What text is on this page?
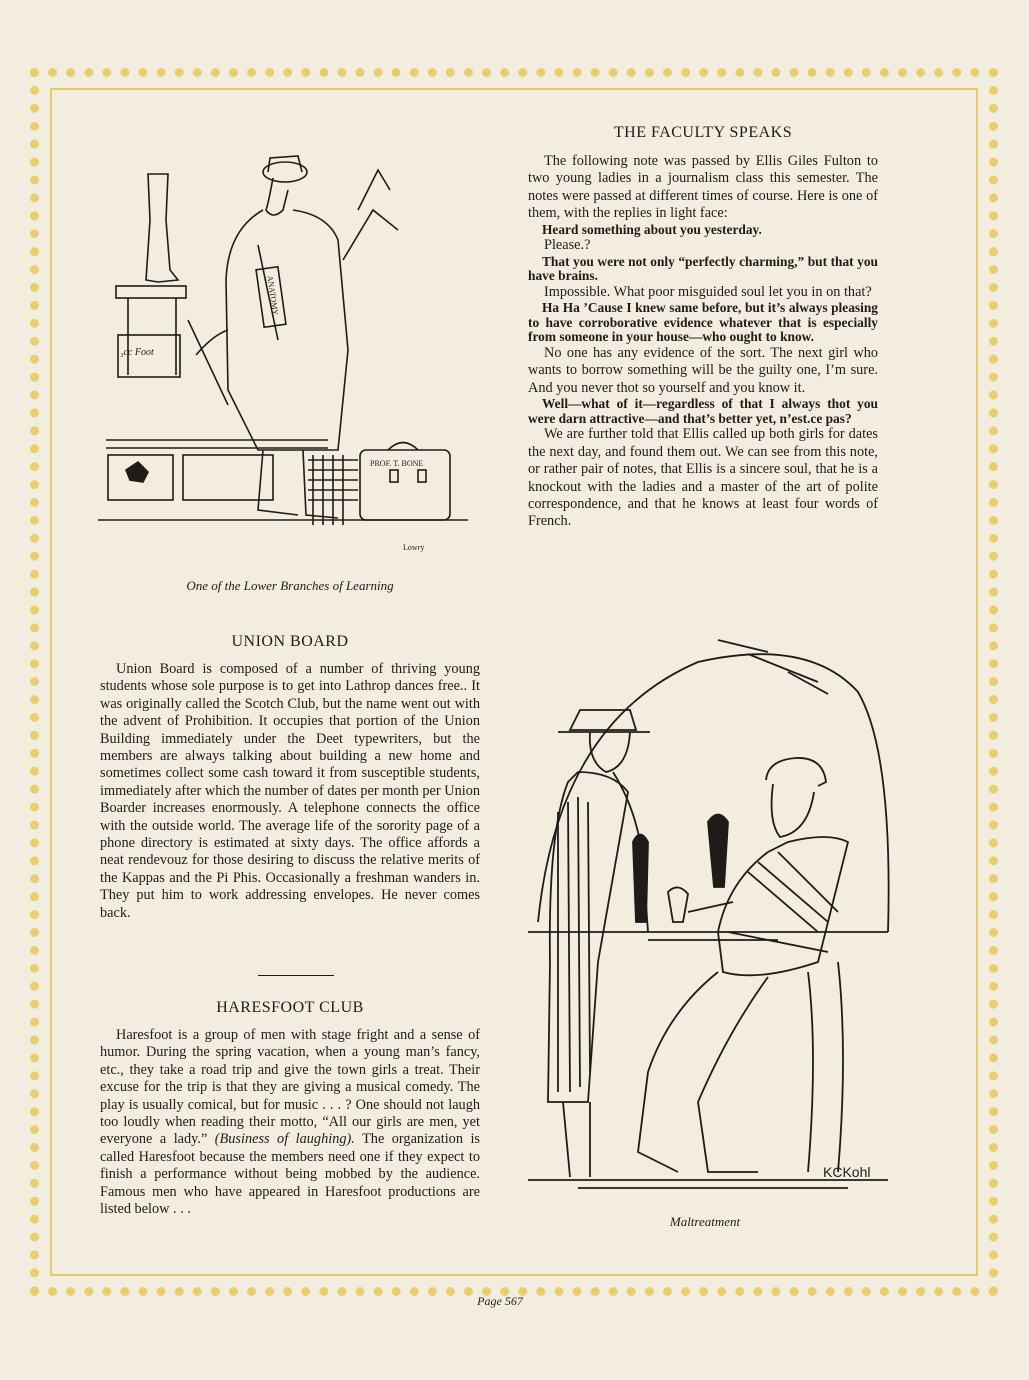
₃cc Foot
ANATOMY
PROF. T. BONE
Lowry
One of the Lower Branches of Learning
THE FACULTY SPEAKS

The following note was passed by Ellis Giles Fulton to two young ladies in a journalism class this semester. The notes were passed at different times of course. Here is one of them, with the replies in light face:

Heard something about you yesterday.

Please.?

That you were not only “perfectly charming,” but that you have brains.

Impossible. What poor misguided soul let you in on that?

Ha Ha ’Cause I knew same before, but it’s always pleasing to have corroborative evidence whatever that is especially from someone in your house—who ought to know.

No one has any evidence of the sort. The next girl who wants to borrow something will be the guilty one, I’m sure. And you never thot so yourself and you know it.

Well—what of it—regardless of that I always thot you were darn attractive—and that’s better yet, n’est.ce pas?

We are further told that Ellis called up both girls for dates the next day, and found them out. We can see from this note, or rather pair of notes, that Ellis is a sincere soul, that he is a knockout with the ladies and a master of the art of polite correspondence, and that he knows at least four words of French.

UNION BOARD

Union Board is composed of a number of thriving young students whose sole purpose is to get into Lathrop dances free.. It was originally called the Scotch Club, but the name went out with the advent of Prohibition. It occupies that portion of the Union Building immediately under the Deet typewriters, but the members are always talking about building a new home and sometimes collect some cash toward it from susceptible students, immediately after which the number of dates per month per Union Boarder increases enormously. A telephone connects the office with the outside world. The average life of the sorority page of a phone directory is estimated at sixty days. The office affords a neat rendevouz for those desiring to discuss the relative merits of the Kappas and the Pi Phis. Occasionally a freshman wanders in. They put him to work addressing envelopes. He never comes back.

HARESFOOT CLUB

Haresfoot is a group of men with stage fright and a sense of humor. During the spring vacation, when a young man’s fancy, etc., they take a road trip and give the town girls a treat. Their excuse for the trip is that they are giving a musical comedy. The play is usually comical, but for music . . . ? One should not laugh too loudly when reading their motto, “All our girls are men, yet everyone a lady.” (Business of laughing). The organization is called Haresfoot because the members need one if they expect to finish a performance without being mobbed by the audience. Famous men who have appeared in Haresfoot productions are listed below . . .

KCKohl
Maltreatment
Page 567
